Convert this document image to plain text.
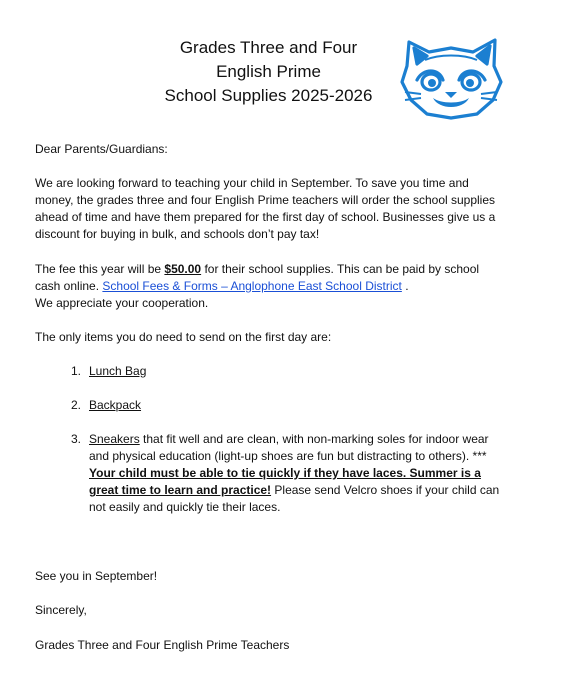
Grades Three and Four
English Prime
School Supplies 2025-2026
Dear Parents/Guardians:
We are looking forward to teaching your child in September. To save you time and money, the grades three and four English Prime teachers will order the school supplies ahead of time and have them prepared for the first day of school. Businesses give us a discount for buying in bulk, and schools don’t pay tax!
The fee this year will be $50.00 for their school supplies. This can be paid by school cash online. School Fees & Forms – Anglophone East School District .
We appreciate your cooperation.
The only items you do need to send on the first day are:
1. Lunch Bag
2. Backpack
3. Sneakers that fit well and are clean, with non-marking soles for indoor wear and physical education (light-up shoes are fun but distracting to others). *** Your child must be able to tie quickly if they have laces. Summer is a great time to learn and practice! Please send Velcro shoes if your child can not easily and quickly tie their laces.
See you in September!
Sincerely,
Grades Three and Four English Prime Teachers
